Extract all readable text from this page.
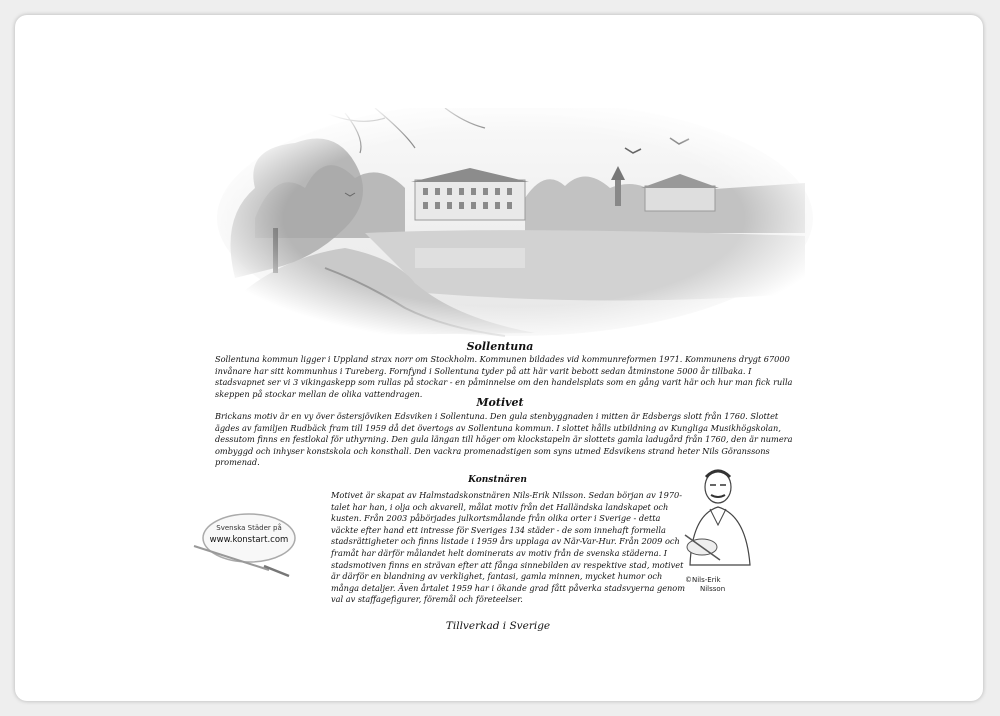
Sollentuna
Sollentuna kommun ligger i Uppland strax norr om Stockholm. Kommunen bildades vid kommunreformen 1971. Kommunens drygt 67000 invånare har sitt kommunhus i Tureberg. Fornfynd i Sollentuna tyder på att här varit bebott sedan åtminstone 5000 år tillbaka. I stadsvapnet ser vi 3 vikingaskepp som rullas på stockar - en påminnelse om den handelsplats som en gång varit här och hur man fick rulla skeppen på stockar mellan de olika vattendragen.
Motivet
Brickans motiv är en vy över östersjöviken Edsviken i Sollentuna. Den gula stenbyggnaden i mitten är Edsbergs slott från 1760. Slottet ägdes av familjen Rudbäck fram till 1959 då det övertogs av Sollentuna kommun. I slottet hålls utbildning av Kungliga Musikhögskolan, dessutom finns en festlokal för uthyrning. Den gula längan till höger om klockstapeln är slottets gamla ladugård från 1760, den är numera ombyggd och inhyser konstskola och konsthall. Den vackra promenadstigen som syns utmed Edsvikens strand heter Nils Göranssons promenad.
Konstnären
Motivet är skapat av Halmstadskonstnären Nils-Erik Nilsson. Sedan början av 1970-talet har han, i olja och akvarell, målat motiv från det Halländska landskapet och kusten. Från 2003 påbörjades julkortsmålande från olika orter i Sverige - detta väckte efter hand ett intresse för Sveriges 134 städer - de som innehaft formella stadsrättigheter och finns listade i 1959 års upplaga av När-Var-Hur. Från 2009 och framåt har därför målandet helt dominerats av motiv från de svenska städerna. I stadsmotiven finns en strävan efter att fånga sinnebilden av respektive stad, motivet är därför en blandning av verklighet, fantasi, gamla minnen, mycket humor och många detaljer. Även årtalet 1959 har i ökande grad fått påverka stadsvyerna genom val av staffagefigurer, föremål och företeelser.
Svenska Städer på
www.konstart.com
©Nils-Erik
Nilsson
Tillverkad i Sverige
